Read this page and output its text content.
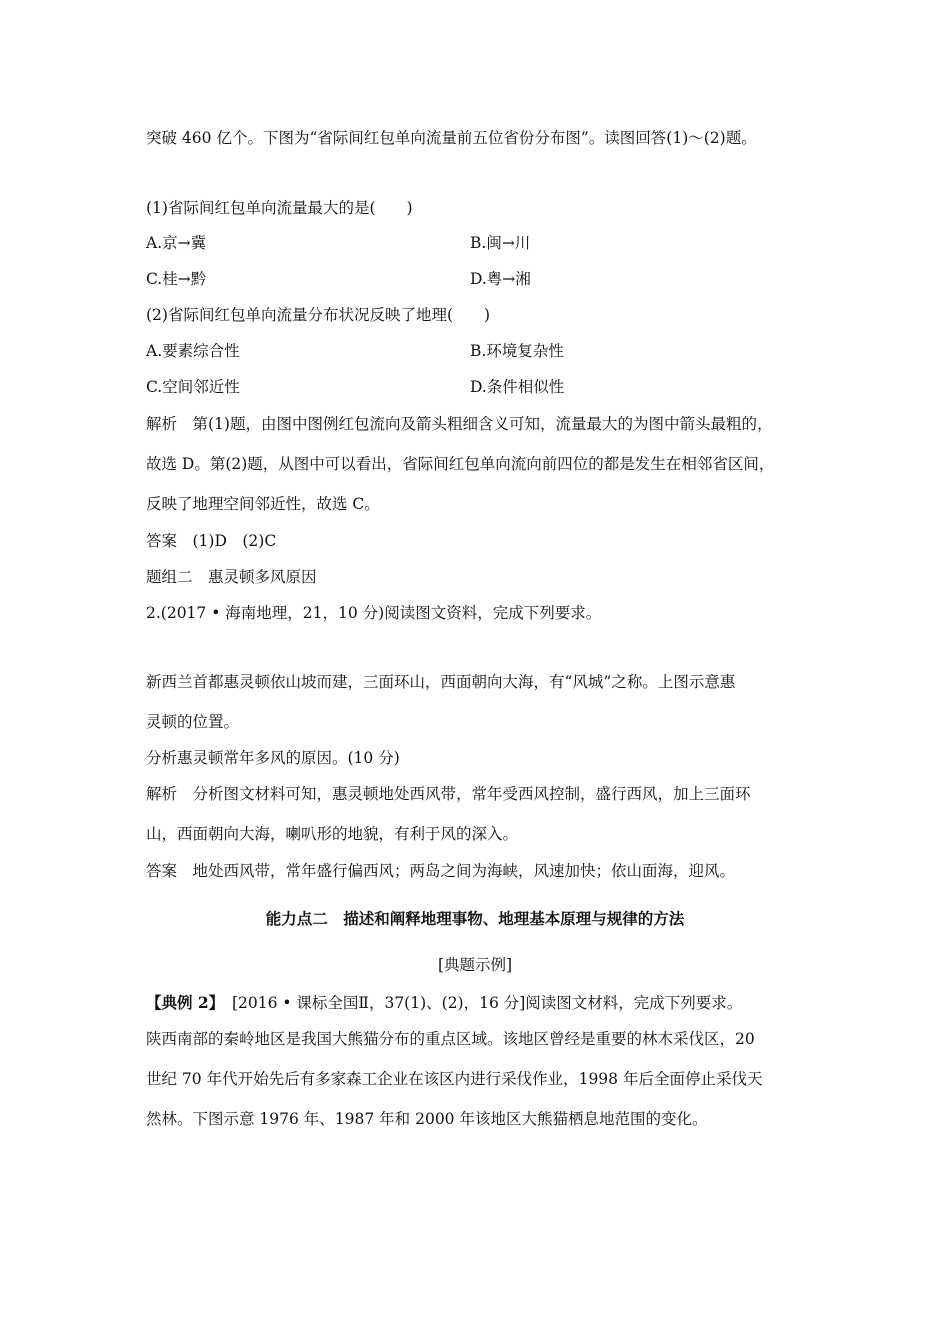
突破 460 亿个。下图为“省际间红包单向流量前五位省份分布图”。读图回答(1)～(2)题。
(1)省际间红包单向流量最大的是(　　)
A.京→冀	B.闽→川
C.桂→黔	D.粤→湘
(2)省际间红包单向流量分布状况反映了地理(　　)
A.要素综合性	B.环境复杂性
C.空间邻近性	D.条件相似性
解析　第(1)题，由图中图例红包流向及箭头粗细含义可知，流量最大的为图中箭头最粗的，
故选 D。第(2)题，从图中可以看出，省际间红包单向流向前四位的都是发生在相邻省区间，
反映了地理空间邻近性，故选 C。
答案　(1)D　(2)C
题组二　惠灵顿多风原因
2.(2017 • 海南地理，21，10 分)阅读图文资料，完成下列要求。
新西兰首都惠灵顿依山坡而建，三面环山，西面朝向大海，有“风城”之称。上图示意惠
灵顿的位置。
分析惠灵顿常年多风的原因。(10 分)
解析　分析图文材料可知，惠灵顿地处西风带，常年受西风控制，盛行西风，加上三面环
山，西面朝向大海，喇叭形的地貌，有利于风的深入。
答案　地处西风带，常年盛行偏西风；两岛之间为海峡，风速加快；依山面海，迎风。
能力点二　描述和阐释地理事物、地理基本原理与规律的方法
[典题示例]
【典例 2】　[2016 • 课标全国Ⅱ，37(1)、(2)，16 分]阅读图文材料，完成下列要求。
陕西南部的秦岭地区是我国大熊猫分布的重点区域。该地区曾经是重要的林木采伐区，20
世纪 70 年代开始先后有多家森工企业在该区内进行采伐作业，1998 年后全面停止采伐天
然林。下图示意 1976 年、1987 年和 2000 年该地区大熊猫栖息地范围的变化。
